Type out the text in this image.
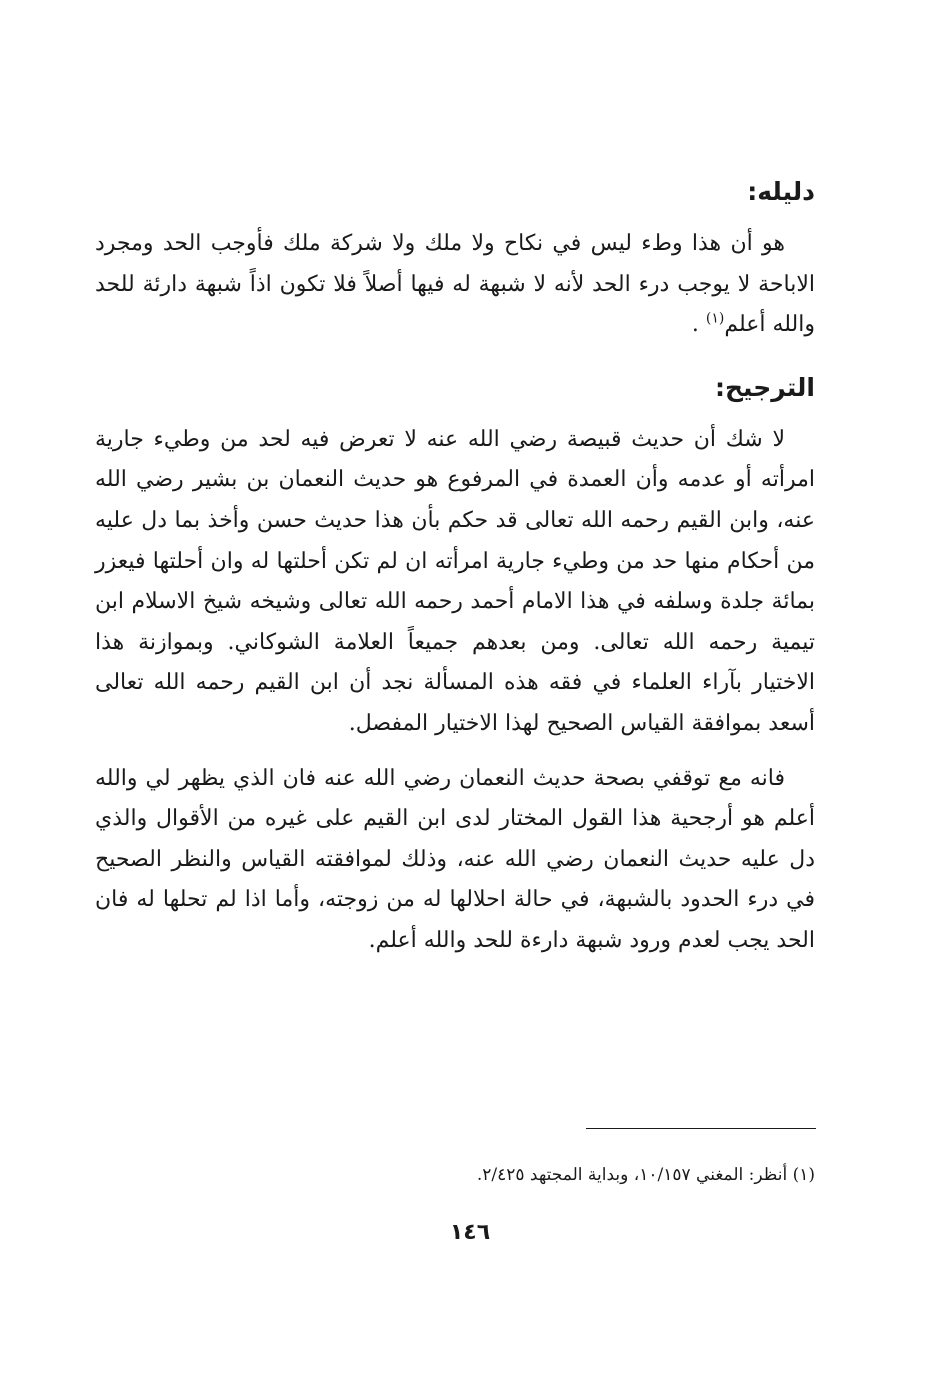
دليله:

هو أن هذا وطء ليس في نكاح ولا ملك ولا شركة ملك فأوجب الحد ومجرد الاباحة لا يوجب درء الحد لأنه لا شبهة له فيها أصلاً فلا تكون اذاً شبهة دارئة للحد والله أعلم$^{(١)}$ .

الترجيح:

لا شك أن حديث قبيصة رضي الله عنه لا تعرض فيه لحد من وطيء جارية امرأته أو عدمه وأن العمدة في المرفوع هو حديث النعمان بن بشير رضي الله عنه، وابن القيم رحمه الله تعالى قد حكم بأن هذا حديث حسن وأخذ بما دل عليه من أحكام منها حد من وطيء جارية امرأته ان لم تكن أحلتها له وان أحلتها فيعزر بمائة جلدة وسلفه في هذا الامام أحمد رحمه الله تعالى وشيخه شيخ الاسلام ابن تيمية رحمه الله تعالى. ومن بعدهم جميعاً العلامة الشوكاني. وبموازنة هذا الاختيار بآراء العلماء في فقه هذه المسألة نجد أن ابن القيم رحمه الله تعالى أسعد بموافقة القياس الصحيح لهذا الاختيار المفصل.

فانه مع توقفي بصحة حديث النعمان رضي الله عنه فان الذي يظهر لي والله أعلم هو أرجحية هذا القول المختار لدى ابن القيم على غيره من الأقوال والذي دل عليه حديث النعمان رضي الله عنه، وذلك لموافقته القياس والنظر الصحيح في درء الحدود بالشبهة، في حالة احلالها له من زوجته، وأما اذا لم تحلها له فان الحد يجب لعدم ورود شبهة دارءة للحد والله أعلم.

(١) أنظر: المغني ١٠/١٥٧، وبداية المجتهد ٢/٤٢٥.
١٤٦
